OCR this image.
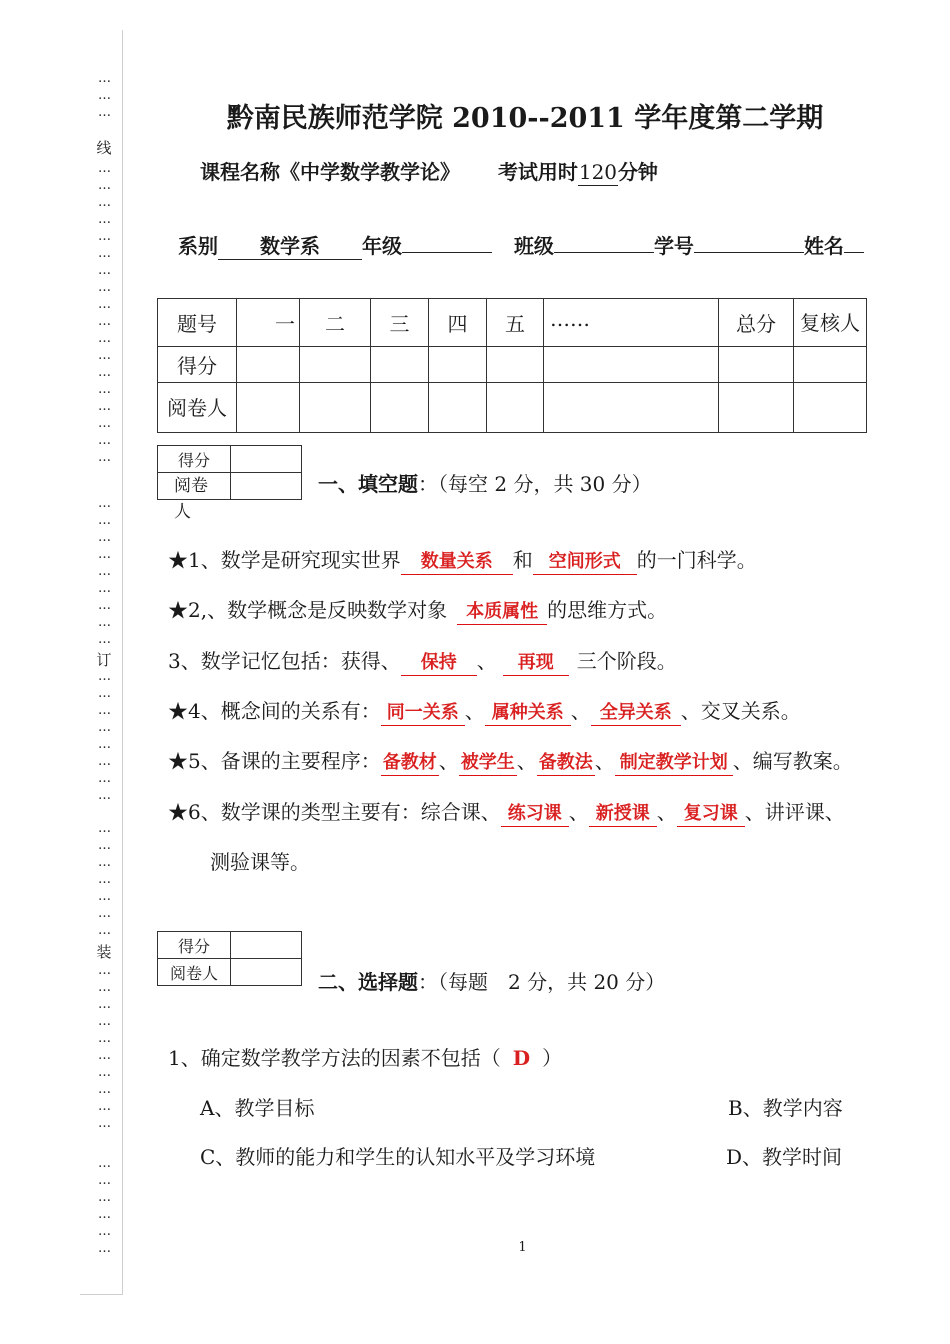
…
…
…
…
…
…
…
…
…
…
…
…
…
…
…
…
…
…
…
…
…
…
…
…
…
…
…
…
…
…
…
…
…
…
…
…
…
…
…
…
…
…
…
…
…
…
…
…
…
…
…
…
…
…
…
…
…
…
…
…
…
线
订
装
黔南民族师范学院 2010--2011 学年度第二学期
课程名称《中学数学教学论》 考试用时120分钟
系别 数学系 年级	班级	学号	姓名
题号	一	二	三	四	五	……	总分	复核人
得分								
阅卷人								
得分	

阅卷人	

一、填空题：（每空 2 分，共 30 分）
★1、数学是研究现实世界 数量关系 和 空间形式 的一门科学。
★2,、数学概念是反映数学对象 本质属性 的思维方式。
3、数学记忆包括：获得、 保持 、 再现 三个阶段。
★4、概念间的关系有： 同一关系 、 属种关系 、 全异关系 、交叉关系。
★5、备课的主要程序： 备教材 、 被学生 、 备教法 、 制定教学计划 、编写教案。
★6、数学课的类型主要有：综合课、 练习课 、 新授课 、 复习课 、讲评课、
测验课等。
得分	
阅卷人		二、选择题：（每题　2 分，共 20 分）
1、确定数学教学方法的因素不包括（ D ）
A、教学目标	B、教学内容
C、教师的能力和学生的认知水平及学习环境	D、教学时间
1
